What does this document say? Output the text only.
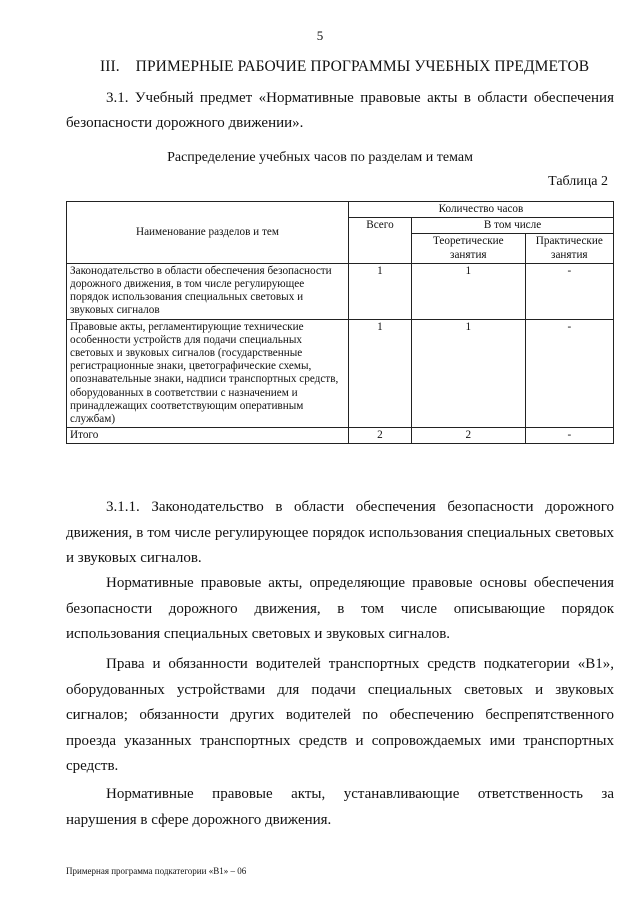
5
III.    ПРИМЕРНЫЕ РАБОЧИЕ ПРОГРАММЫ УЧЕБНЫХ ПРЕДМЕТОВ
3.1. Учебный предмет «Нормативные правовые акты в области обеспечения безопасности дорожного движении».
Распределение учебных часов по разделам и темам
Таблица 2
Наименование разделов и тем	Количество часов		
	Всего	В том числе	
		Теоретические занятия	Практические занятия
Законодательство в области обеспечения безопасности дорожного движения, в том числе регулирующее порядок использования специальных световых и звуковых сигналов	1	1	-
Правовые акты, регламентирующие технические особенности устройств для подачи специальных световых и звуковых сигналов (государственные регистрационные знаки, цветографические схемы, опознавательные знаки, надписи транспортных средств, оборудованных в соответствии с назначением и принадлежащих соответствующим оперативным службам)	1	1	-
Итого	2	2	-

3.1.1. Законодательство в области обеспечения безопасности дорожного движения, в том числе регулирующее порядок использования специальных световых и звуковых сигналов.

Нормативные правовые акты, определяющие правовые основы обеспечения безопасности дорожного движения, в том числе описывающие порядок использования специальных световых и звуковых сигналов.

Права и обязанности водителей транспортных средств подкатегории «B1», оборудованных устройствами для подачи специальных световых и звуковых сигналов; обязанности других водителей по обеспечению беспрепятственного проезда указанных транспортных средств и сопровождаемых ими транспортных средств.

Нормативные правовые акты, устанавливающие ответственность за нарушения в сфере дорожного движения.

Примерная программа подкатегории «B1» – 06
